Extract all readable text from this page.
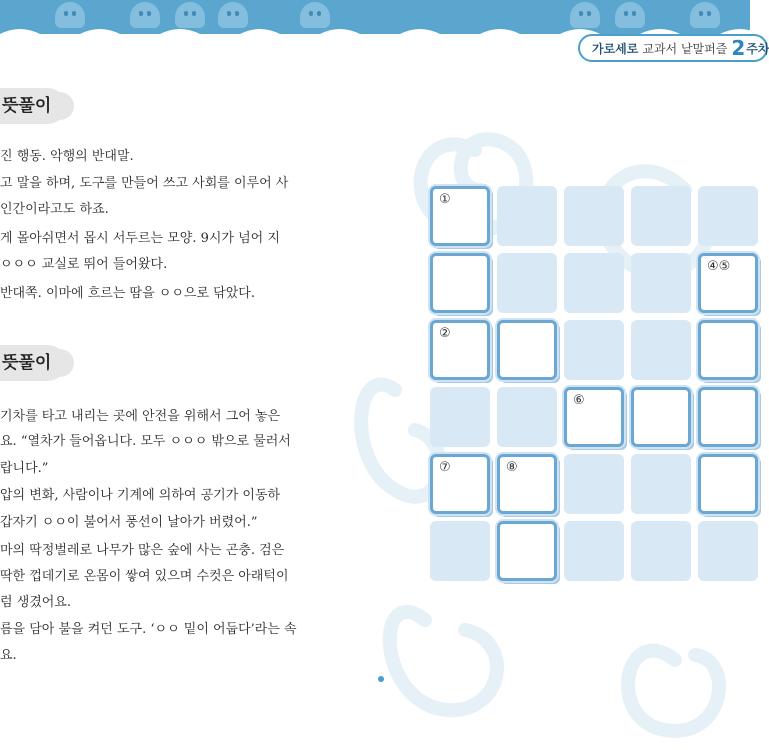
가로세로 교과서 낱말퍼즐 2 주차
뜻풀이
진 행동. 악행의 반대말.
고 말을 하며, 도구를 만들어 쓰고 사회를 이루어 사
인간이라고도 하죠.
게 몰아쉬면서 몹시 서두르는 모양. 9시가 넘어 지
ㅇㅇㅇ 교실로 뛰어 들어왔다.
반대쪽. 이마에 흐르는 땀을 ㅇㅇ으로 닦았다.
뜻풀이
기차를 타고 내리는 곳에 안전을 위해서 그어 놓은
요. “열차가 들어옵니다. 모두 ㅇㅇㅇ 밖으로 물러서
랍니다.”
압의 변화, 사람이나 기계에 의하여 공기가 이동하
갑자기 ㅇㅇ이 불어서 풍선이 날아가 버렸어.”
마의 딱정벌레로 나무가 많은 숲에 사는 곤충. 검은
딱한 껍데기로 온몸이 쌓여 있으며 수컷은 아래턱이
럼 생겼어요.
름을 담아 불을 켜던 도구. ‘ㅇㅇ 밑이 어둡다’라는 속
요.
①
④⑤
②
⑥
⑦	⑧
